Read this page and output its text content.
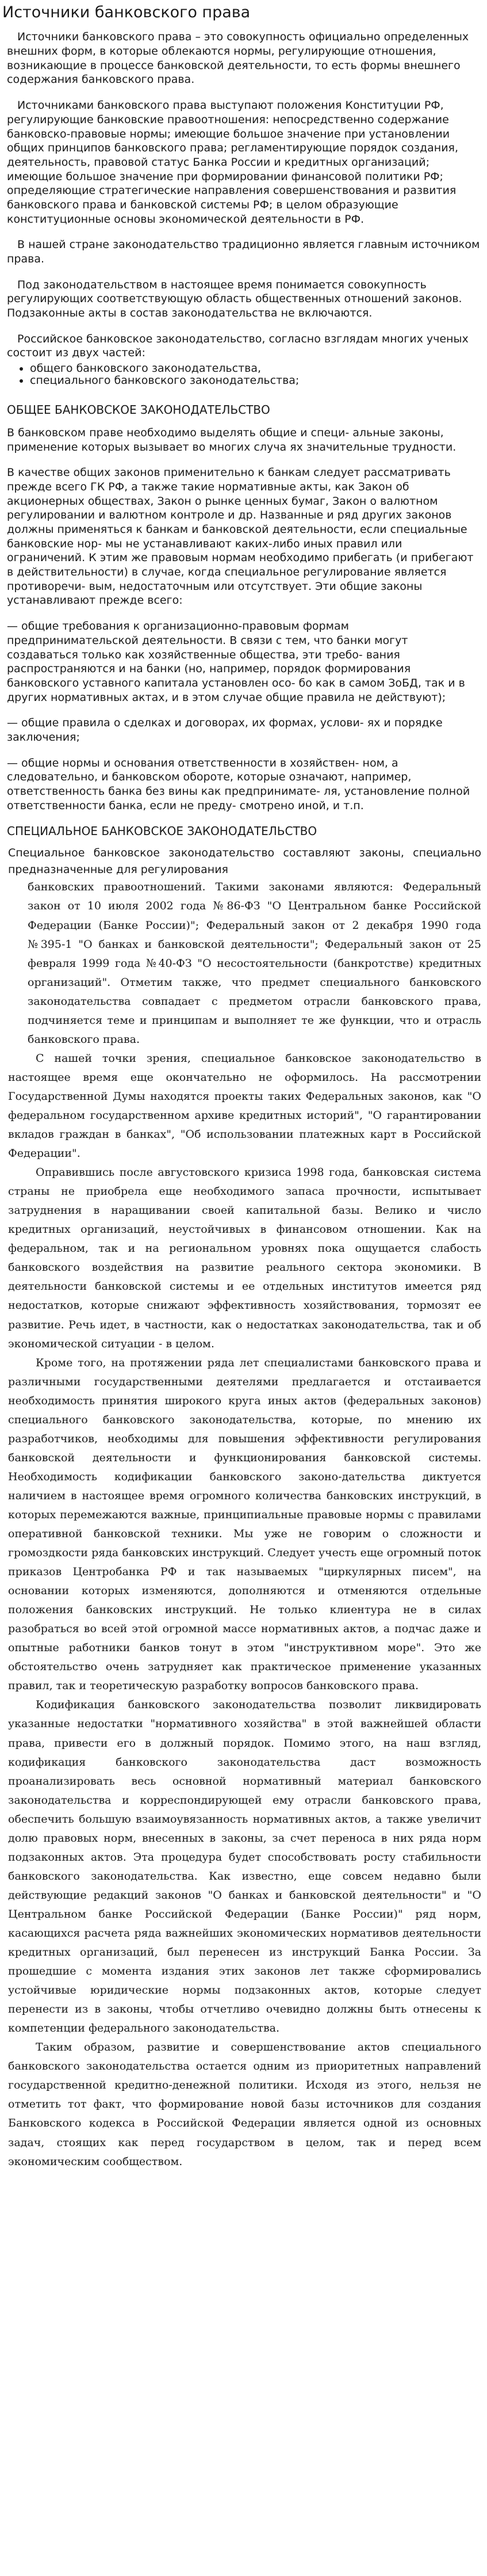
Источники банковского права

Источники банковского права – это совокупность официально определенных внешних форм, в которые облекаются нормы, регулирующие отношения, возникающие в процессе банковской деятельности, то есть формы внешнего содержания банковского права.

Источниками банковского права выступают положения Конституции РФ, регулирующие банковские правоотношения: непосредственно содержание банковско-правовые нормы; имеющие большое значение при установлении общих принципов банковского права; регламентирующие порядок создания, деятельность, правовой статус Банка России и кредитных организаций; имеющие большое значение при формировании финансовой политики РФ; определяющие стратегические направления совершенствования и развития банковского права и банковской системы РФ; в целом образующие конституционные основы экономической деятельности в РФ.

В нашей стране законодательство традиционно является главным источником права.

Под законодательством в настоящее время понимается совокупность регулирующих соответствующую область общественных отношений законов. Подзаконные акты в состав законодательства не включаются.

Российское банковское законодательство, согласно взглядам многих ученых состоит из двух частей:

• общего банковского законодательства,
• специального банковского законодательства;
ОБЩЕЕ БАНКОВСКОЕ ЗАКОНОДАТЕЛЬСТВО

В банковском праве необходимо выделять общие и специ- альные законы, применение которых вызывает во многих случа ях значительные трудности.

В качестве общих законов применительно к банкам следует рассматривать прежде всего ГК РФ, а также такие нормативные акты, как Закон об акционерных обществах, Закон о рынке ценных бумаг, Закон о валютном регулировании и валютном контроле и др. Названные и ряд других законов должны применяться к банкам и банковской деятельности, если специальные банковские нор- мы не устанавливают каких-либо иных правил или ограничений. К этим же правовым нормам необходимо прибегать (и прибегают в действительности) в случае, когда специальное регулирование является противоречи- вым, недостаточным или отсутствует. Эти общие законы устанавливают прежде всего:

— общие требования к организационно-правовым формам предпринимательской деятельности. В связи с тем, что банки могут создаваться только как хозяйственные общества, эти требо- вания распространяются и на банки (но, например, порядок формирования банковского уставного капитала установлен осо- бо как в самом ЗоБД, так и в других нормативных актах, и в этом случае общие правила не действуют);

— общие правила о сделках и договорах, их формах, услови- ях и порядке заключения;

— общие нормы и основания ответственности в хозяйствен- ном, а следовательно, и банковском обороте, которые означают, например, ответственность банка без вины как предпринимате- ля, установление полной ответственности банка, если не преду- смотрено иной, и т.п.

СПЕЦИАЛЬНОЕ БАНКОВСКОЕ ЗАКОНОДАТЕЛЬСТВО

Специальное банковское законодательство составляют законы, специально предназначенные для регулирования

банковских правоотношений. Такими законами являются: Федеральный закон от 10 июля 2002 года №86-ФЗ "О Центральном банке Российской Федерации (Банке России)"; Федеральный закон от 2 декабря 1990 года №395-1 "О банках и банковской деятельности"; Федеральный закон от 25 февраля 1999 года №40-ФЗ "О несостоятельности (банкротстве) кредитных организаций". Отметим также, что предмет специального банковского законодательства совпадает с предметом отрасли банковского права, подчиняется теме и принципам и выполняет те же функции, что и отрасль банковского права.

С нашей точки зрения, специальное банковское законодательство в настоящее время еще окончательно не оформилось. На рассмотрении Государственной Думы находятся проекты таких Федеральных законов, как "О федеральном государственном архиве кредитных историй", "О гарантировании вкладов граждан в банках", "Об использовании платежных карт в Российской Федерации".

Оправившись после августовского кризиса 1998 года, банковская система страны не приобрела еще необходимого запаса прочности, испытывает затруднения в наращивании своей капитальной базы. Велико и число кредитных организаций, неустойчивых в финансовом отношении. Как на федеральном, так и на региональном уровнях пока ощущается слабость банковского воздействия на развитие реального сектора экономики. В деятельности банковской системы и ее отдельных институтов имеется ряд недостатков, которые снижают эффективность хозяйствования, тормозят ее развитие. Речь идет, в частности, как о недостатках законодательства, так и об экономической ситуации - в целом.

Кроме того, на протяжении ряда лет специалистами банковского права и различными государственными деятелями предлагается и отстаивается необходимость принятия широкого круга иных актов (федеральных законов) специального банковского законодательства, которые, по мнению их разработчиков, необходимы для повышения эффективности регулирования банковской деятельности и функционирования банковской системы. Необходимость кодификации банковского законо-дательства диктуется наличием в настоящее время огромного количества банковских инструкций, в которых перемежаются важные, принципиальные правовые нормы с правилами оперативной банковской техники. Мы уже не говорим о сложности и громоздкости ряда банковских инструкций. Следует учесть еще огромный поток приказов Центробанка РФ и так называемых "циркулярных писем", на основании которых изменяются, дополняются и отменяются отдельные положения банковских инструкций. Не только клиентура не в силах разобраться во всей этой огромной массе нормативных актов, а подчас даже и опытные работники банков тонут в этом "инструктивном море". Это же обстоятельство очень затрудняет как практическое применение указанных правил, так и теоретическую разработку вопросов банковского права.

Кодификация банковского законодательства позволит ликвидировать указанные недостатки "нормативного хозяйства" в этой важнейшей области права, привести его в должный порядок. Помимо этого, на наш взгляд, кодификация банковского законодательства даст возможность проанализировать весь основной нормативный материал банковского законодательства и корреспондирующей ему отрасли банковского права, обеспечить большую взаимоувязанность нормативных актов, а также увеличит долю правовых норм, внесенных в законы, за счет переноса в них ряда норм подзаконных актов. Эта процедура будет способствовать росту стабильности банковского законодательства. Как известно, еще совсем недавно были действующие редакций законов "О банках и банковской деятельности" и "О Центральном банке Российской Федерации (Банке России)" ряд норм, касающихся расчета ряда важнейших экономических нормативов деятельности кредитных организаций, был перенесен из инструкций Банка России. За прошедшие с момента издания этих законов лет также сформировались устойчивые юридические нормы подзаконных актов, которые следует перенести из в законы, чтобы отчетливо очевидно должны быть отнесены к компетенции федерального законодательства.

Таким образом, развитие и совершенствование актов специального банковского законодательства остается одним из приоритетных направлений государственной кредитно-денежной политики. Исходя из этого, нельзя не отметить тот факт, что формирование новой базы источников для создания Банковского кодекса в Российской Федерации является одной из основных задач, стоящих как перед государством в целом, так и перед всем экономическим сообществом.
